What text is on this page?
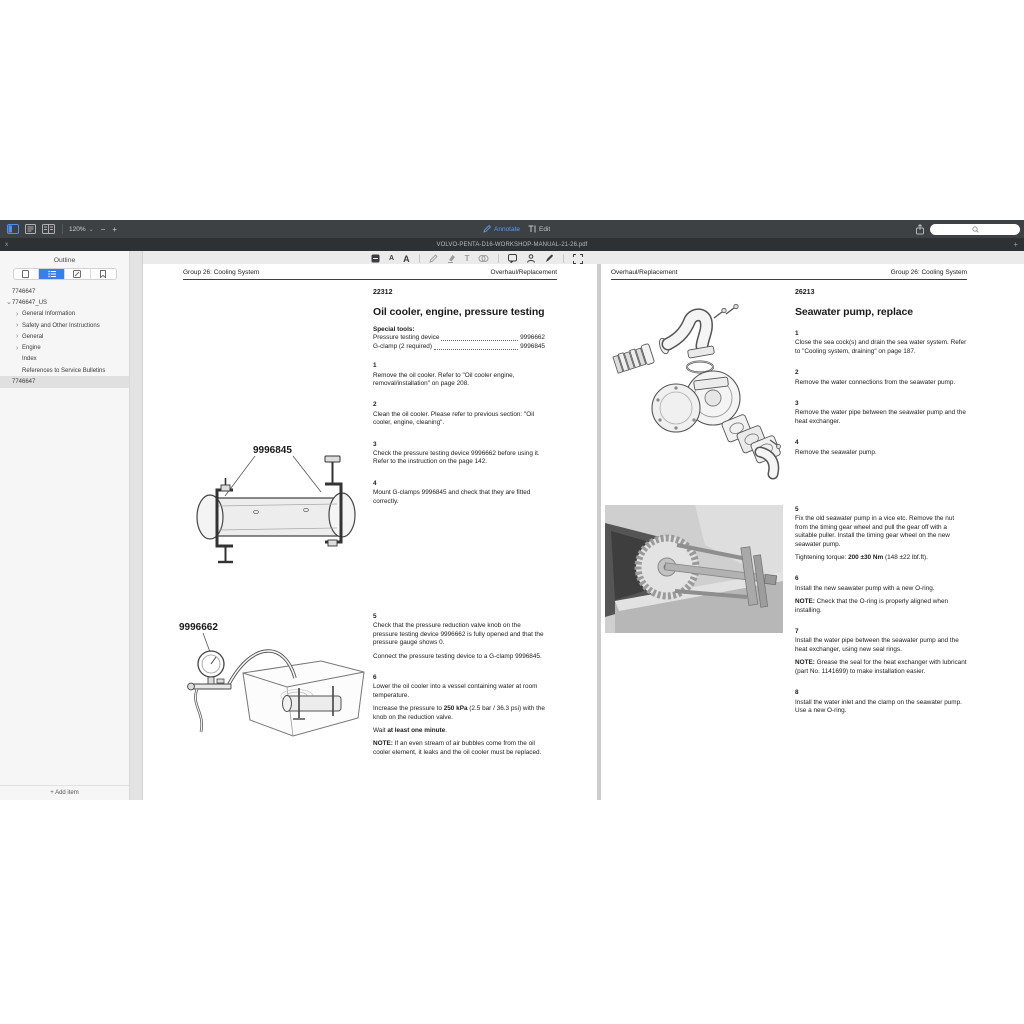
120% ⌄ − +	Annotate	Edit
x	VOLVO-PENTA-D16-WORKSHOP-MANUAL-21-26.pdf	+
Outline
7746647
⌄ 7746647_US
› General Information
› Safety and Other Instructions
› General
› Engine
Index
References to Service Bulletins
7746647
+ Add item
A A	T
Group 26: Cooling System	Overhaul/Replacement
22312
Oil cooler, engine, pressure testing
Special tools:
Pressure testing device	9996662
G-clamp (2 required)	9996845
1

Remove the oil cooler. Refer to "Oil cooler engine, removal/installation" on page 208.

2

Clean the oil cooler. Please refer to previous section: "Oil cooler, engine, cleaning".

3

Check the pressure testing device 9996662 before using it. Refer to the instruction on the page 142.

4

Mount G-clamps 9996845 and check that they are fitted correctly.

5

Check that the pressure reduction valve knob on the pressure testing device 9996662 is fully opened and that the pressure gauge shows 0.

Connect the pressure testing device to a G-clamp 9996845.

6

Lower the oil cooler into a vessel containing water at room temperature.

Increase the pressure to 250 kPa (2.5 bar / 36.3 psi) with the knob on the reduction valve.

Wait at least one minute.

NOTE: If an even stream of air bubbles come from the oil cooler element, it leaks and the oil cooler must be replaced.

9996845
9996662
Overhaul/Replacement	Group 26: Cooling System
26213
Seawater pump, replace
1

Close the sea cock(s) and drain the sea water system. Refer to "Cooling system, draining" on page 187.

2

Remove the water connections from the seawater pump.

3

Remove the water pipe between the seawater pump and the heat exchanger.

4

Remove the seawater pump.

5

Fix the old seawater pump in a vice etc. Remove the nut from the timing gear wheel and pull the gear off with a suitable puller. Install the timing gear wheel on the new seawater pump.

Tightening torque: 200 ±30 Nm (148 ±22 lbf.ft).

6

Install the new seawater pump with a new O-ring.

NOTE: Check that the O-ring is properly aligned when installing.

7

Install the water pipe between the seawater pump and the heat exchanger, using new seal rings.

NOTE: Grease the seal for the heat exchanger with lubricant (part No. 1141699) to make installation easier.

8

Install the water inlet and the clamp on the seawater pump. Use a new O-ring.
